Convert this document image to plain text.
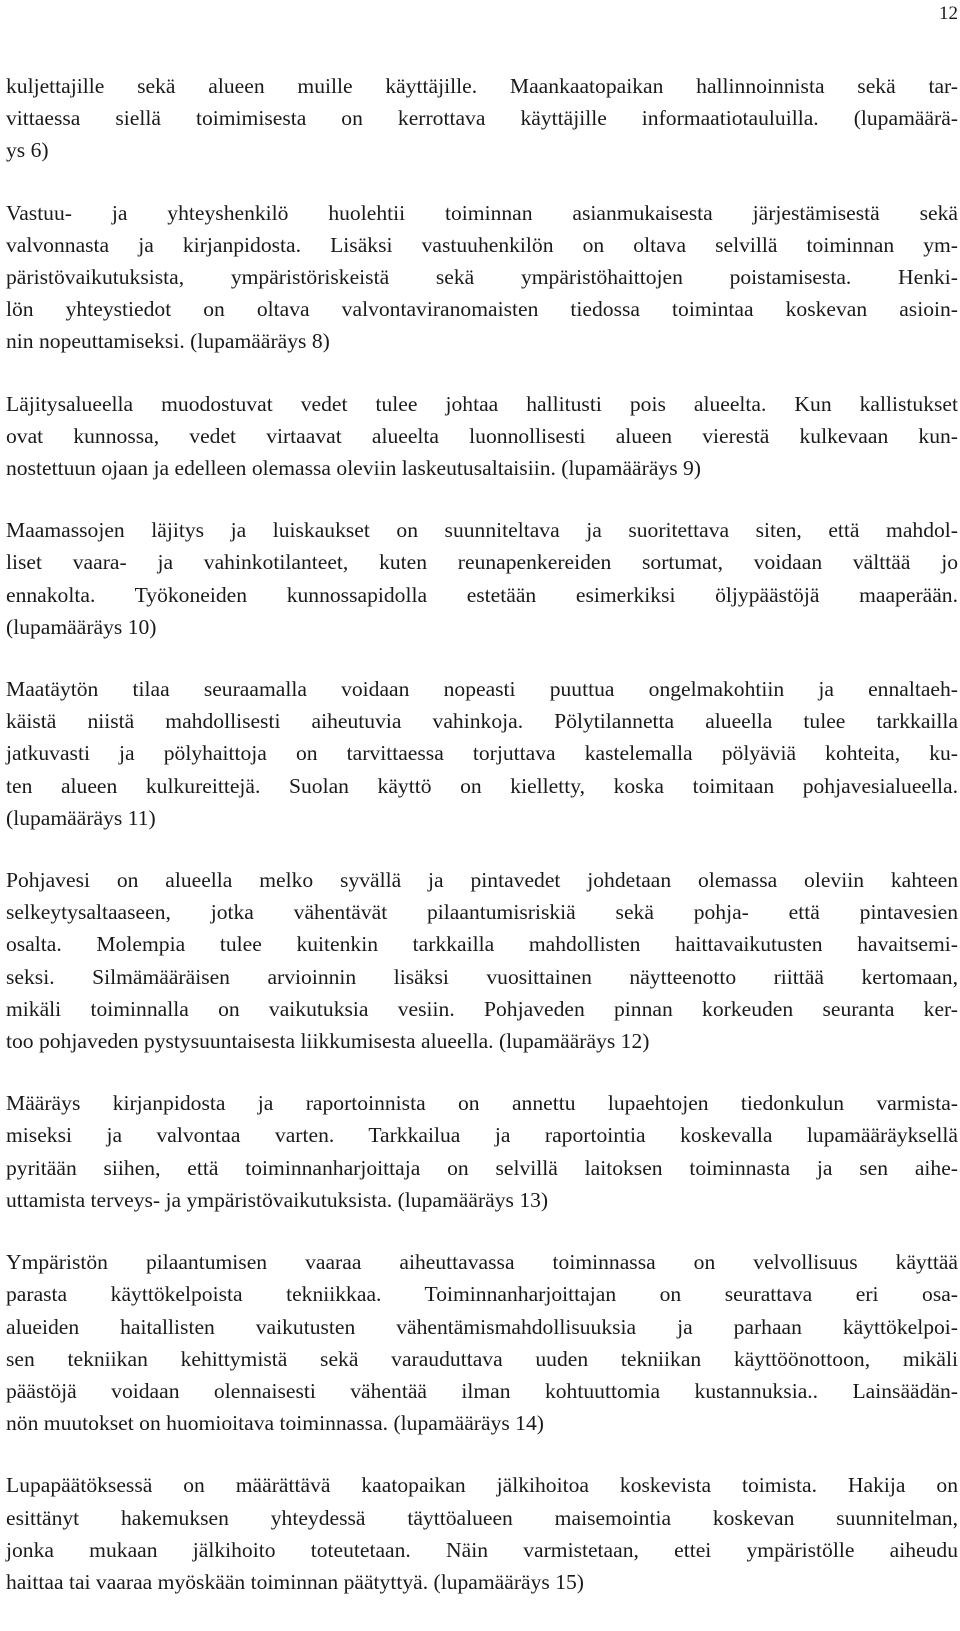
12

kuljettajille sekä alueen muille käyttäjille. Maankaatopaikan hallinnoinnista sekä tar-
vittaessa siellä toimimisesta on kerrottava käyttäjille informaatiotauluilla. (lupamäärä-
ys 6)

Vastuu- ja yhteyshenkilö huolehtii toiminnan asianmukaisesta järjestämisestä sekä
valvonnasta ja kirjanpidosta. Lisäksi vastuuhenkilön on oltava selvillä toiminnan ym-
päristövaikutuksista, ympäristöriskeistä sekä ympäristöhaittojen poistamisesta. Henki-
lön yhteystiedot on oltava valvontaviranomaisten tiedossa toimintaa koskevan asioin-
nin nopeuttamiseksi. (lupamääräys 8)

Läjitysalueella muodostuvat vedet tulee johtaa hallitusti pois alueelta. Kun kallistukset
ovat kunnossa, vedet virtaavat alueelta luonnollisesti alueen vierestä kulkevaan kun-
nostettuun ojaan ja edelleen olemassa oleviin laskeutusaltaisiin. (lupamääräys 9)

Maamassojen läjitys ja luiskaukset on suunniteltava ja suoritettava siten, että mahdol-
liset vaara- ja vahinkotilanteet, kuten reunapenkereiden sortumat, voidaan välttää jo
ennakolta. Työkoneiden kunnossapidolla estetään esimerkiksi öljypäästöjä maaperään.
(lupamääräys 10)

Maatäytön tilaa seuraamalla voidaan nopeasti puuttua ongelmakohtiin ja ennaltaeh-
käistä niistä mahdollisesti aiheutuvia vahinkoja. Pölytilannetta alueella tulee tarkkailla
jatkuvasti ja pölyhaittoja on tarvittaessa torjuttava kastelemalla pölyäviä kohteita, ku-
ten alueen kulkureittejä. Suolan käyttö on kielletty, koska toimitaan pohjavesialueella.
(lupamääräys 11)

Pohjavesi on alueella melko syvällä ja pintavedet johdetaan olemassa oleviin kahteen
selkeytysaltaaseen, jotka vähentävät pilaantumisriskiä sekä pohja- että pintavesien
osalta. Molempia tulee kuitenkin tarkkailla mahdollisten haittavaikutusten havaitsemi-
seksi. Silmämääräisen arvioinnin lisäksi vuosittainen näytteenotto riittää kertomaan,
mikäli toiminnalla on vaikutuksia vesiin. Pohjaveden pinnan korkeuden seuranta ker-
too pohjaveden pystysuuntaisesta liikkumisesta alueella. (lupamääräys 12)

Määräys kirjanpidosta ja raportoinnista on annettu lupaehtojen tiedonkulun varmista-
miseksi ja valvontaa varten. Tarkkailua ja raportointia koskevalla lupamääräyksellä
pyritään siihen, että toiminnanharjoittaja on selvillä laitoksen toiminnasta ja sen aihe-
uttamista terveys- ja ympäristövaikutuksista. (lupamääräys 13)

Ympäristön pilaantumisen vaaraa aiheuttavassa toiminnassa on velvollisuus käyttää
parasta käyttökelpoista tekniikkaa. Toiminnanharjoittajan on seurattava eri osa-
alueiden haitallisten vaikutusten vähentämismahdollisuuksia ja parhaan käyttökelpoi-
sen tekniikan kehittymistä sekä varauduttava uuden tekniikan käyttöönottoon, mikäli
päästöjä voidaan olennaisesti vähentää ilman kohtuuttomia kustannuksia.. Lainsäädän-
nön muutokset on huomioitava toiminnassa. (lupamääräys 14)

Lupapäätöksessä on määrättävä kaatopaikan jälkihoitoa koskevista toimista. Hakija on
esittänyt hakemuksen yhteydessä täyttöalueen maisemointia koskevan suunnitelman,
jonka mukaan jälkihoito toteutetaan. Näin varmistetaan, ettei ympäristölle aiheudu
haittaa tai vaaraa myöskään toiminnan päätyttyä. (lupamääräys 15)
